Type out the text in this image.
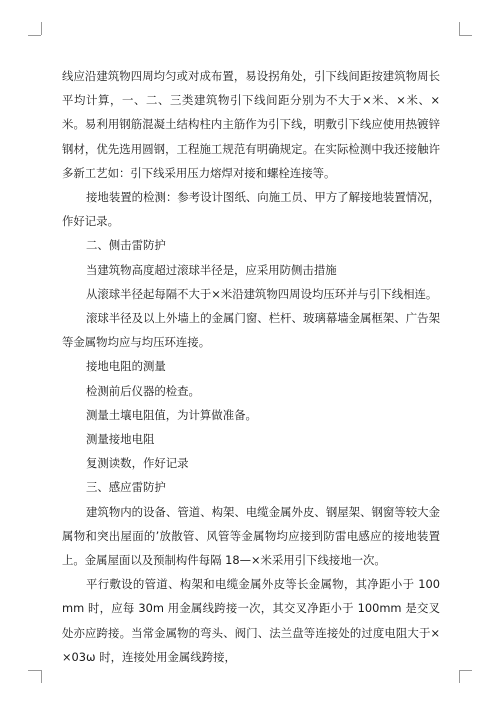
线应沿建筑物四周均匀或对成布置，易设拐角处，引下线间距按建筑物周长平均计算，一、二、三类建筑物引下线间距分别为不大于×米、×米、×米。易利用钢筋混凝土结构柱内主筋作为引下线，明敷引下线应使用热镀锌钢材，优先选用圆钢，工程施工规范有明确规定。在实际检测中我还接触许多新工艺如：引下线采用压力熔焊对接和螺栓连接等。

接地装置的检测：参考设计图纸、向施工员、甲方了解接地装置情况，作好记录。

二、侧击雷防护

当建筑物高度超过滚球半径是，应采用防侧击措施

从滚球半径起每隔不大于×米沿建筑物四周设均压环并与引下线相连。

滚球半径及以上外墙上的金属门窗、栏杆、玻璃幕墙金属框架、广告架等金属物均应与均压环连接。

接地电阻的测量

检测前后仪器的检查。

测量土壤电阻值，为计算做准备。

测量接地电阻

复测读数，作好记录

三、感应雷防护

建筑物内的设备、管道、构架、电缆金属外皮、钢屋架、钢窗等较大金属物和突出屋面的’放散管、风管等金属物均应接到防雷电感应的接地装置上。金属屋面以及预制构件每隔 18—×米采用引下线接地一次。

平行敷设的管道、构架和电缆金属外皮等长金属物，其净距小于 100mm 时，应每 30m 用金属线跨接一次，其交叉净距小于 100mm 是交叉处亦应跨接。当常金属物的弯头、阀门、法兰盘等连接处的过度电阻大于××03ω 时，连接处用金属线跨接，
